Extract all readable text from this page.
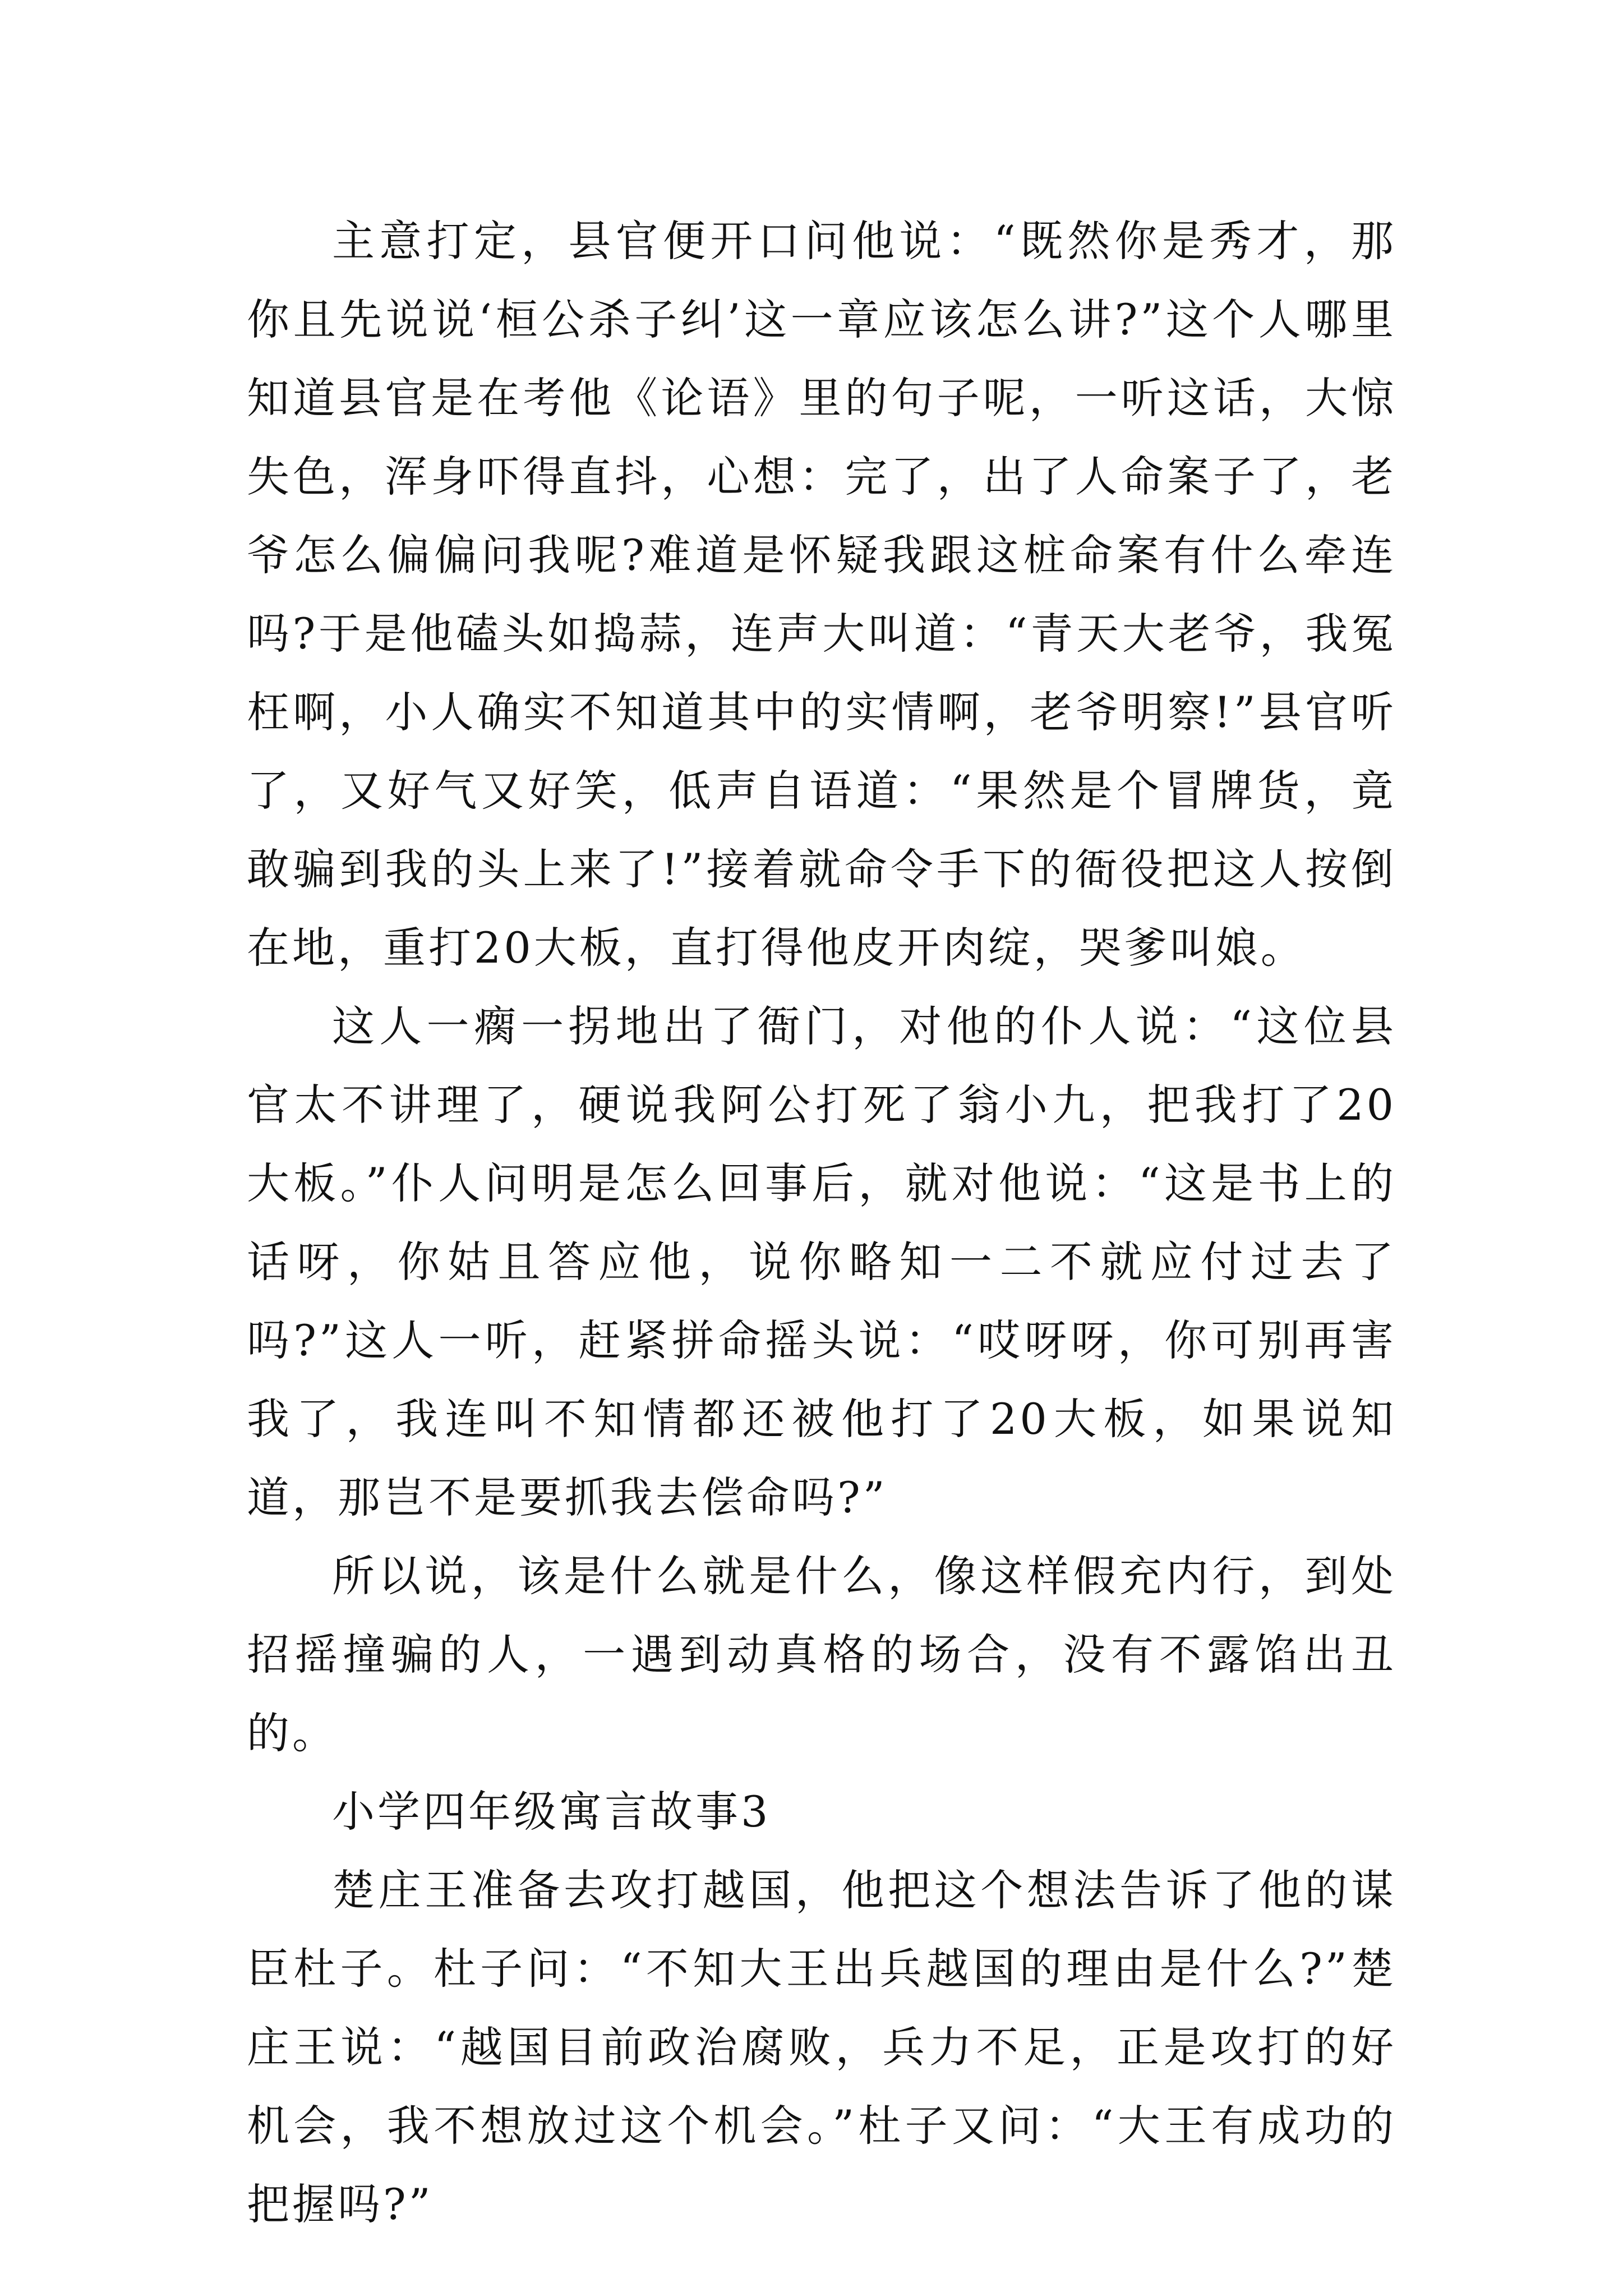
主意打定，县官便开口问他说：“既然你是秀才，那你且先说说‘桓公杀子纠’这一章应该怎么讲?”这个人哪里知道县官是在考他《论语》里的句子呢，一听这话，大惊失色，浑身吓得直抖，心想：完了，出了人命案子了，老爷怎么偏偏问我呢?难道是怀疑我跟这桩命案有什么牵连吗?于是他磕头如捣蒜，连声大叫道：“青天大老爷，我冤枉啊，小人确实不知道其中的实情啊，老爷明察!”县官听了，又好气又好笑，低声自语道：“果然是个冒牌货，竟敢骗到我的头上来了!”接着就命令手下的衙役把这人按倒在地，重打20大板，直打得他皮开肉绽，哭爹叫娘。

这人一瘸一拐地出了衙门，对他的仆人说：“这位县官太不讲理了，硬说我阿公打死了翁小九，把我打了20大板。”仆人问明是怎么回事后，就对他说：“这是书上的话呀，你姑且答应他，说你略知一二不就应付过去了吗?”这人一听，赶紧拼命摇头说：“哎呀呀，你可别再害我了，我连叫不知情都还被他打了20大板，如果说知道，那岂不是要抓我去偿命吗?”

所以说，该是什么就是什么，像这样假充内行，到处招摇撞骗的人，一遇到动真格的场合，没有不露馅出丑的。

小学四年级寓言故事3

楚庄王准备去攻打越国，他把这个想法告诉了他的谋臣杜子。杜子问：“不知大王出兵越国的理由是什么?”楚庄王说：“越国目前政治腐败，兵力不足，正是攻打的好机会，我不想放过这个机会。”杜子又问：“大王有成功的把握吗?”
